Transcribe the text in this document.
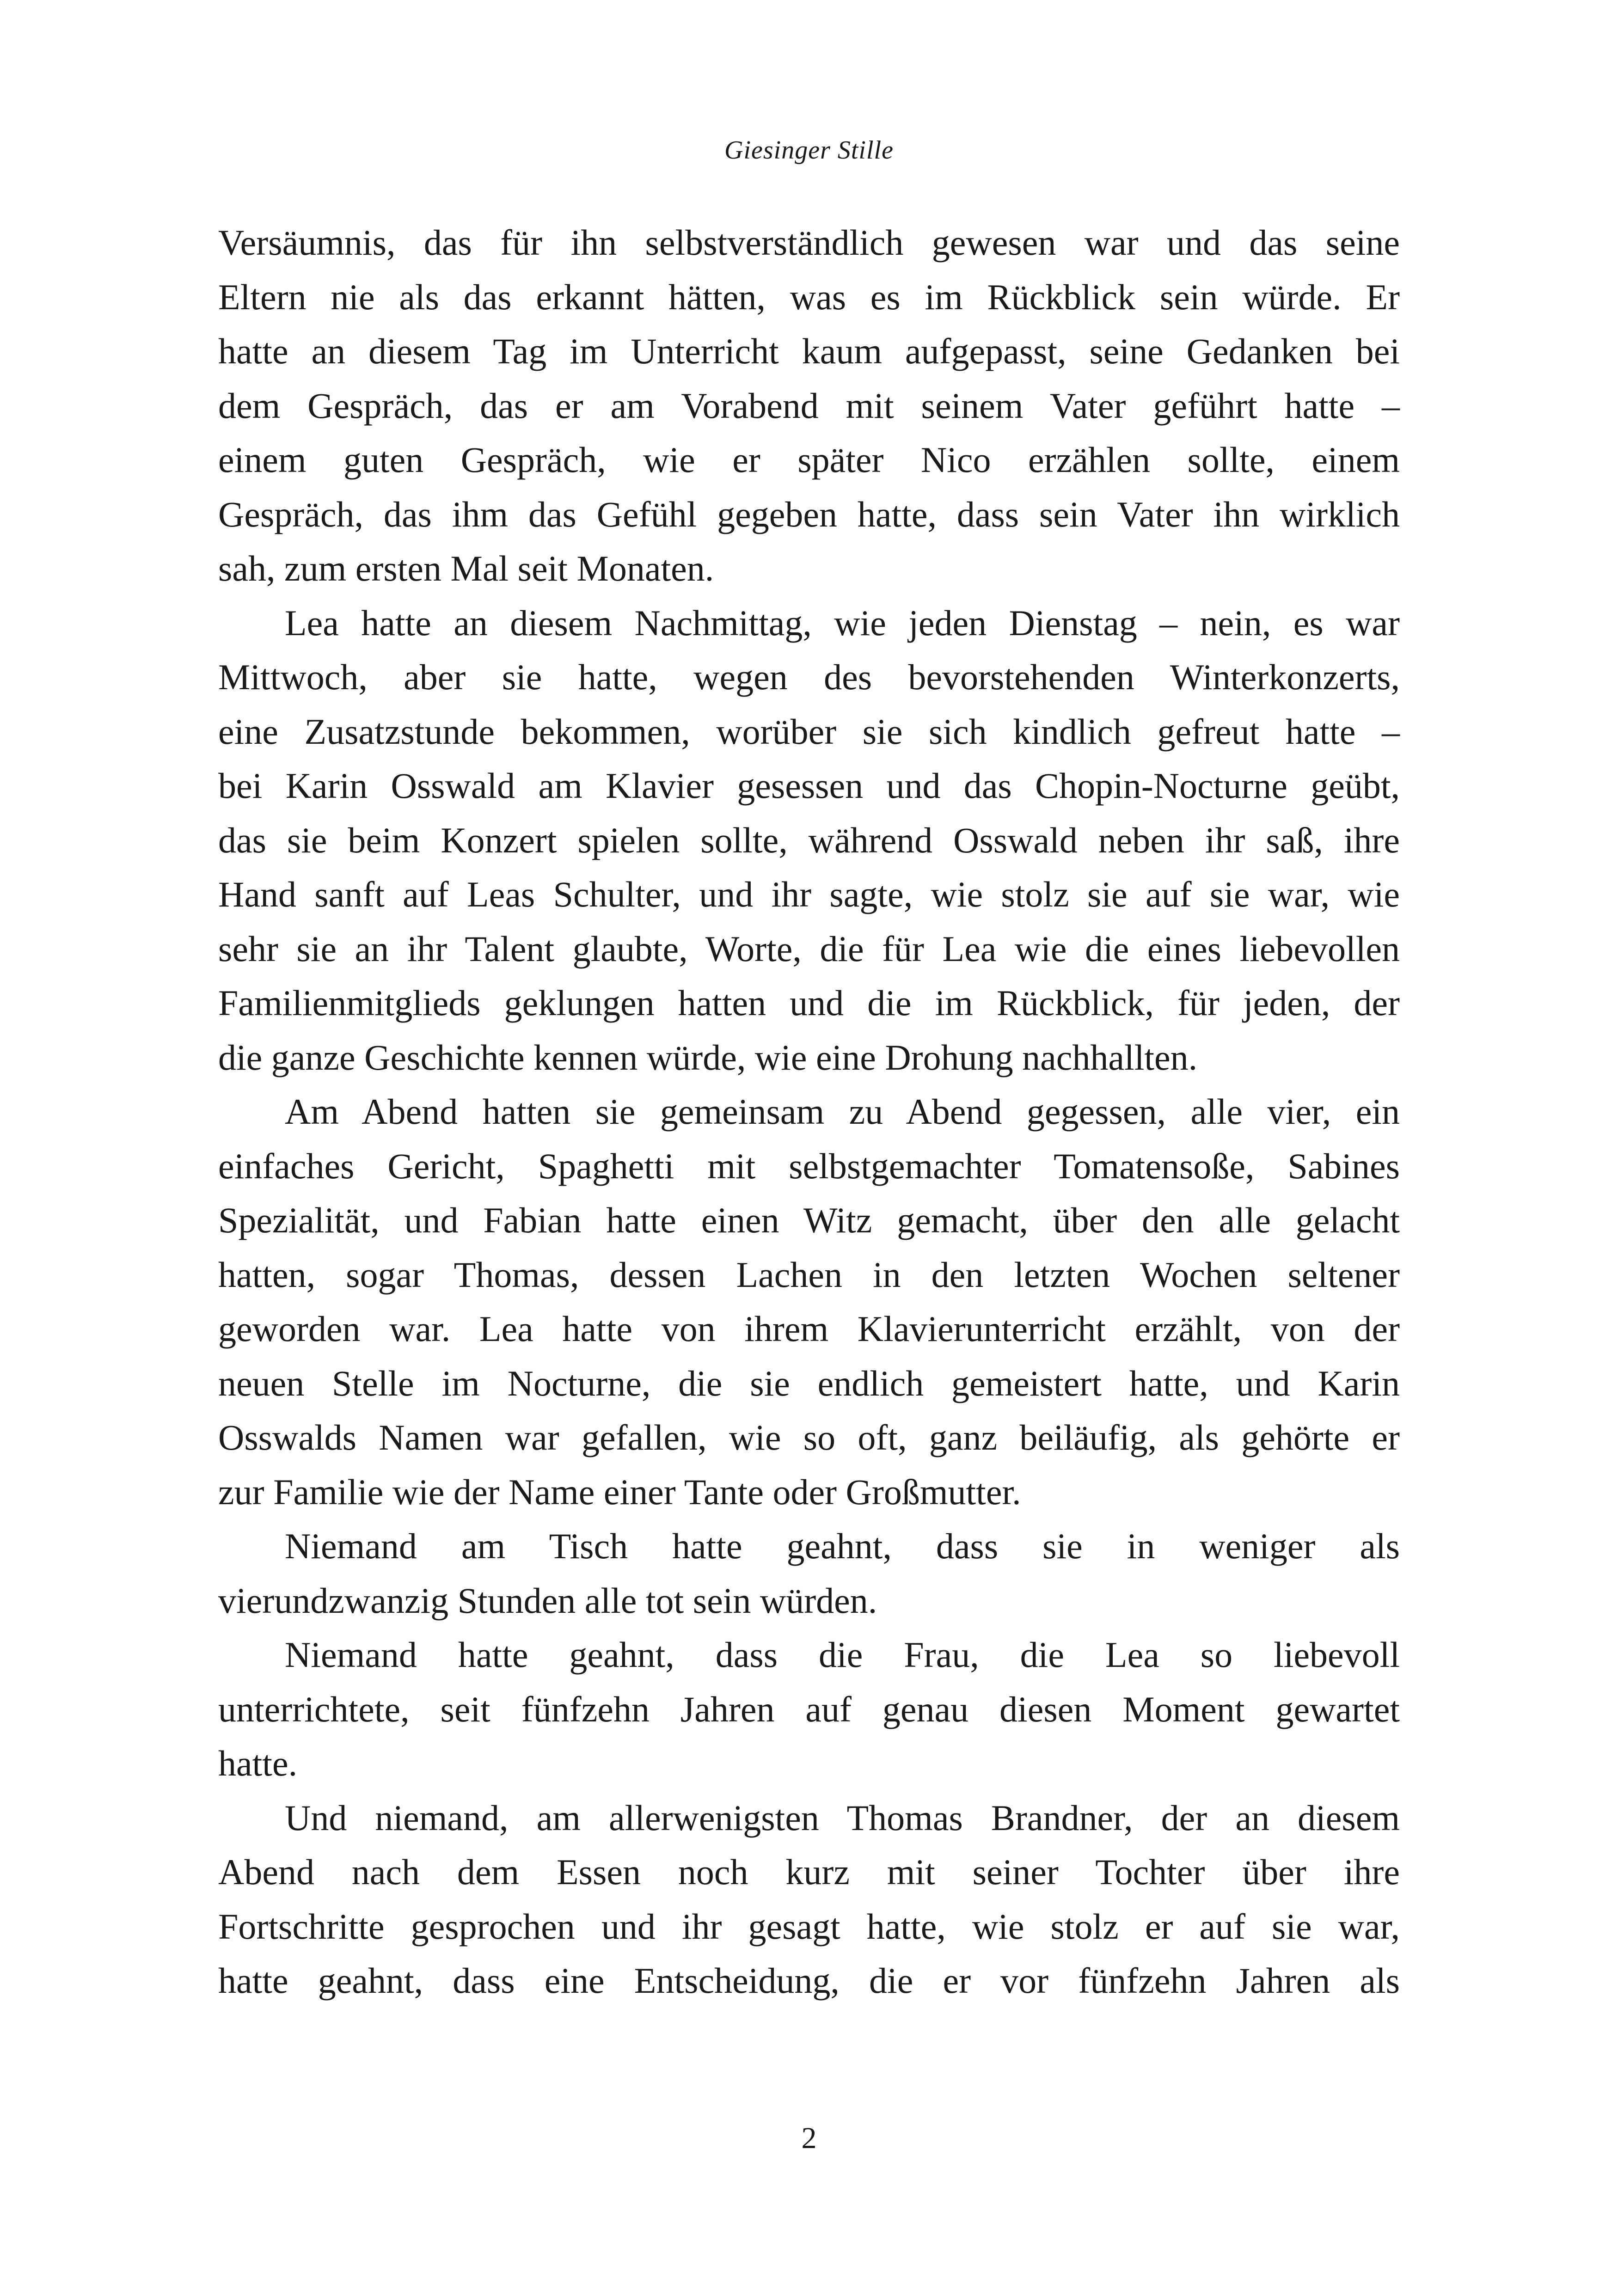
Giesinger Stille

Versäumnis, das für ihn selbstverständlich gewesen war und das seine
Eltern nie als das erkannt hätten, was es im Rückblick sein würde. Er
hatte an diesem Tag im Unterricht kaum aufgepasst, seine Gedanken bei
dem Gespräch, das er am Vorabend mit seinem Vater geführt hatte –
einem guten Gespräch, wie er später Nico erzählen sollte, einem
Gespräch, das ihm das Gefühl gegeben hatte, dass sein Vater ihn wirklich
sah, zum ersten Mal seit Monaten.

Lea hatte an diesem Nachmittag, wie jeden Dienstag – nein, es war
Mittwoch, aber sie hatte, wegen des bevorstehenden Winterkonzerts,
eine Zusatzstunde bekommen, worüber sie sich kindlich gefreut hatte –
bei Karin Osswald am Klavier gesessen und das Chopin-Nocturne geübt,
das sie beim Konzert spielen sollte, während Osswald neben ihr saß, ihre
Hand sanft auf Leas Schulter, und ihr sagte, wie stolz sie auf sie war, wie
sehr sie an ihr Talent glaubte, Worte, die für Lea wie die eines liebevollen
Familienmitglieds geklungen hatten und die im Rückblick, für jeden, der
die ganze Geschichte kennen würde, wie eine Drohung nachhallten.

Am Abend hatten sie gemeinsam zu Abend gegessen, alle vier, ein
einfaches Gericht, Spaghetti mit selbstgemachter Tomatensoße, Sabines
Spezialität, und Fabian hatte einen Witz gemacht, über den alle gelacht
hatten, sogar Thomas, dessen Lachen in den letzten Wochen seltener
geworden war. Lea hatte von ihrem Klavierunterricht erzählt, von der
neuen Stelle im Nocturne, die sie endlich gemeistert hatte, und Karin
Osswalds Namen war gefallen, wie so oft, ganz beiläufig, als gehörte er
zur Familie wie der Name einer Tante oder Großmutter.

Niemand am Tisch hatte geahnt, dass sie in weniger als
vierundzwanzig Stunden alle tot sein würden.

Niemand hatte geahnt, dass die Frau, die Lea so liebevoll
unterrichtete, seit fünfzehn Jahren auf genau diesen Moment gewartet
hatte.

Und niemand, am allerwenigsten Thomas Brandner, der an diesem
Abend nach dem Essen noch kurz mit seiner Tochter über ihre
Fortschritte gesprochen und ihr gesagt hatte, wie stolz er auf sie war,
hatte geahnt, dass eine Entscheidung, die er vor fünfzehn Jahren als

2
